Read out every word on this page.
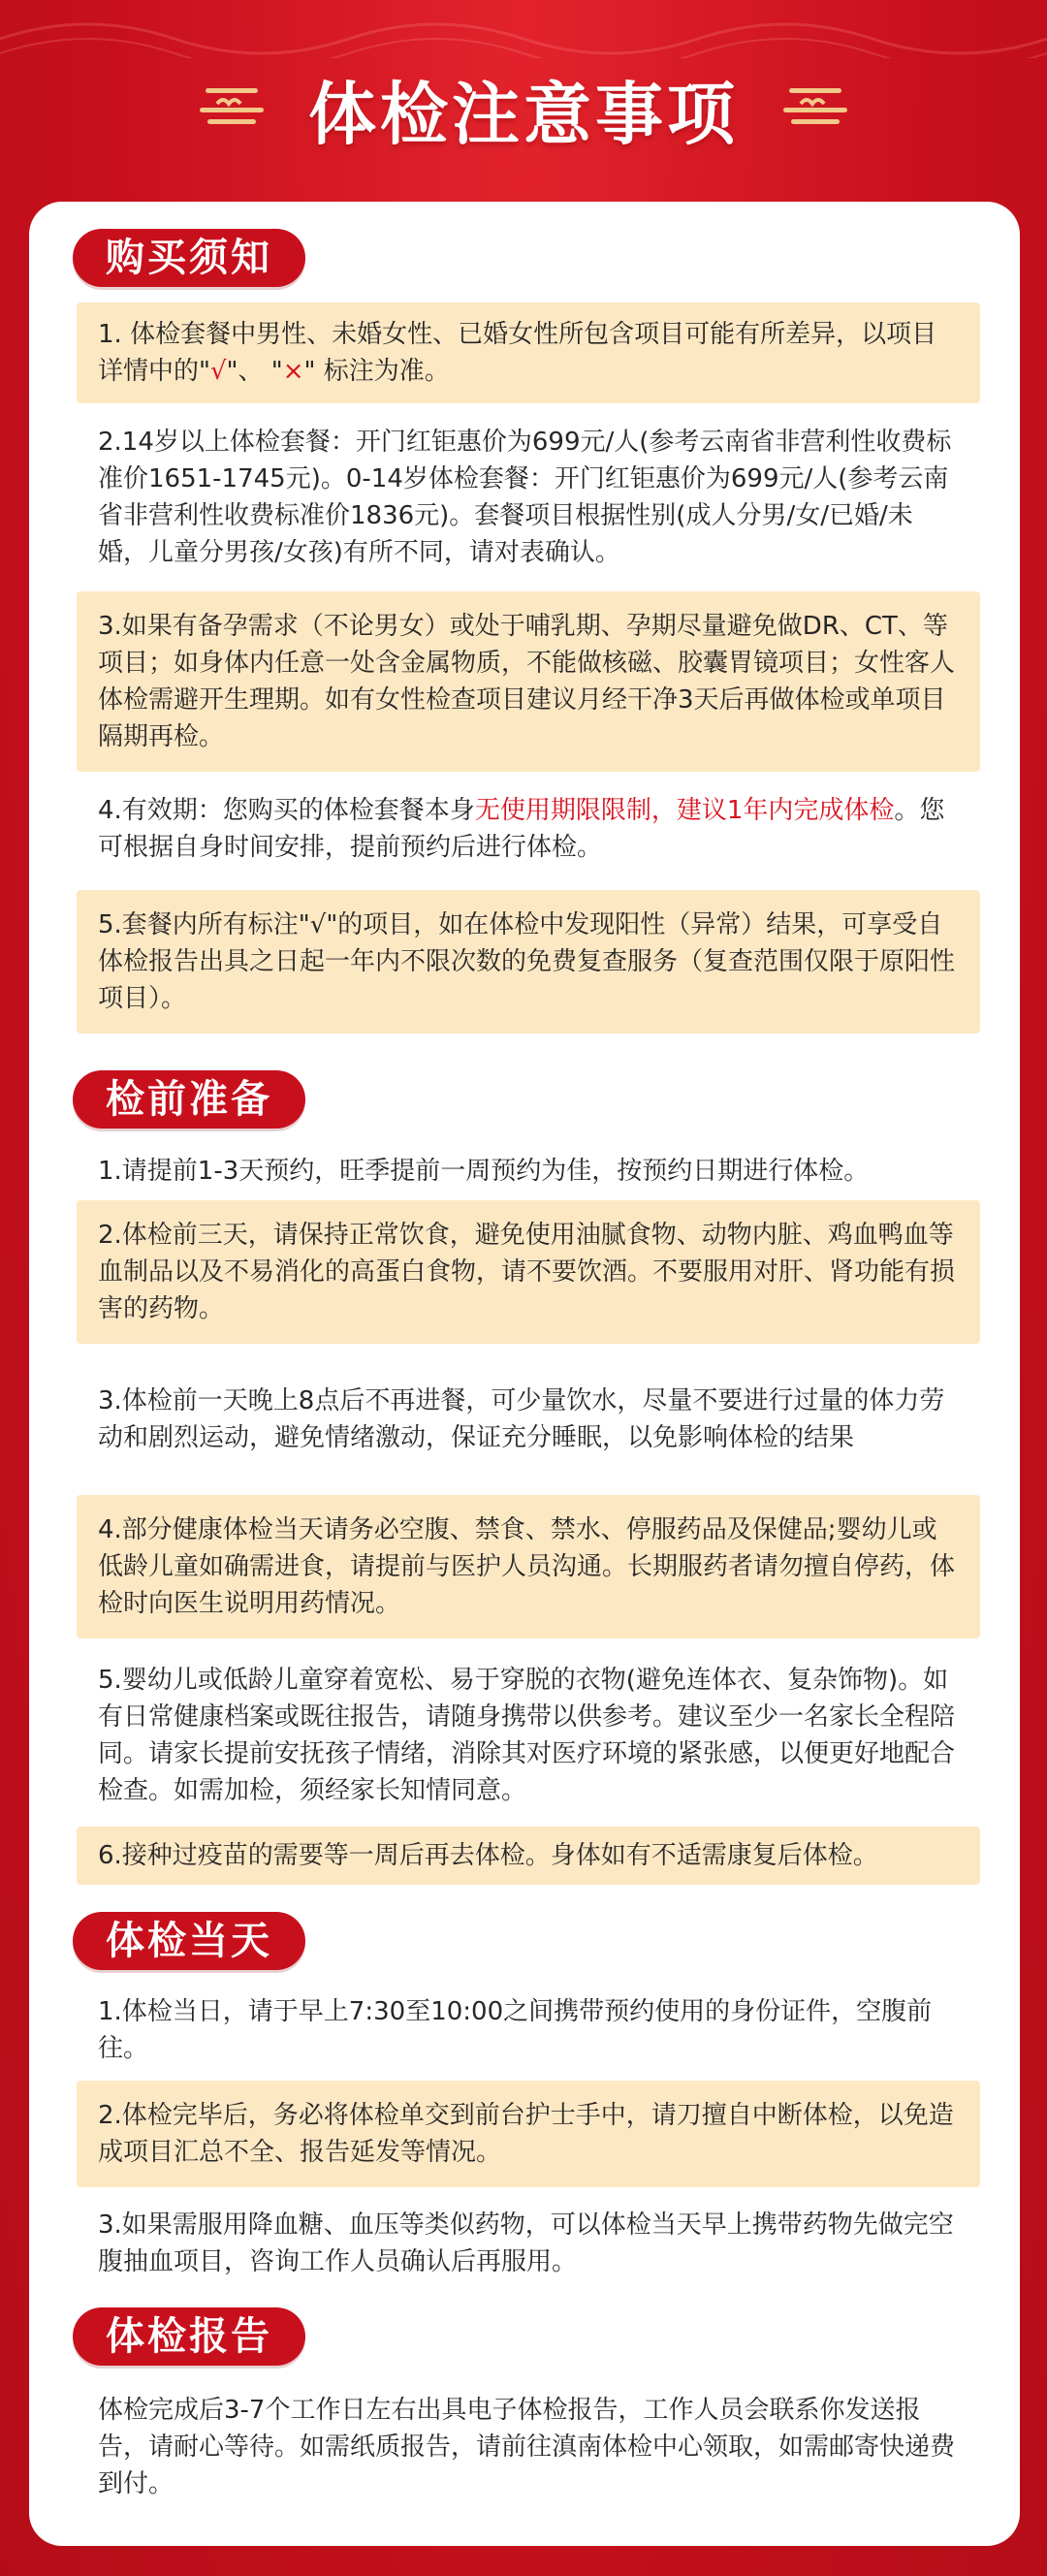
体检注意事项
购买须知
1. 体检套餐中男性、未婚女性、已婚女性所包含项目可能有所差异，以项目详情中的"√"、 "×" 标注为准。
2.14岁以上体检套餐：开门红钜惠价为699元/人(参考云南省非营利性收费标准价1651-1745元)。0-14岁体检套餐：开门红钜惠价为699元/人(参考云南省非营利性收费标准价1836元)。套餐项目根据性别(成人分男/女/已婚/未婚，儿童分男孩/女孩)有所不同，请对表确认。
3.如果有备孕需求（不论男女）或处于哺乳期、孕期尽量避免做DR、CT、等项目；如身体内任意一处含金属物质，不能做核磁、胶囊胃镜项目；女性客人体检需避开生理期。如有女性检查项目建议月经干净3天后再做体检或单项目隔期再检。
4.有效期：您购买的体检套餐本身无使用期限限制，建议1年内完成体检。您可根据自身时间安排，提前预约后进行体检。
5.套餐内所有标注"√"的项目，如在体检中发现阳性（异常）结果，可享受自体检报告出具之日起一年内不限次数的免费复查服务（复查范围仅限于原阳性项目）。
检前准备
1.请提前1-3天预约，旺季提前一周预约为佳，按预约日期进行体检。
2.体检前三天，请保持正常饮食，避免使用油腻食物、动物内脏、鸡血鸭血等血制品以及不易消化的高蛋白食物，请不要饮酒。不要服用对肝、肾功能有损害的药物。
3.体检前一天晚上8点后不再进餐，可少量饮水，尽量不要进行过量的体力劳动和剧烈运动，避免情绪激动，保证充分睡眠，以免影响体检的结果
4.部分健康体检当天请务必空腹、禁食、禁水、停服药品及保健品;婴幼儿或低龄儿童如确需进食，请提前与医护人员沟通。长期服药者请勿擅自停药，体检时向医生说明用药情况。
5.婴幼儿或低龄儿童穿着宽松、易于穿脱的衣物(避免连体衣、复杂饰物)。如有日常健康档案或既往报告，请随身携带以供参考。建议至少一名家长全程陪同。请家长提前安抚孩子情绪，消除其对医疗环境的紧张感，以便更好地配合检查。如需加检，须经家长知情同意。
6.接种过疫苗的需要等一周后再去体检。身体如有不适需康复后体检。
体检当天
1.体检当日，请于早上7:30至10:00之间携带预约使用的身份证件，空腹前往。
2.体检完毕后，务必将体检单交到前台护士手中，请刀擅自中断体检，以免造成项目汇总不全、报告延发等情况。
3.如果需服用降血糖、血压等类似药物，可以体检当天早上携带药物先做完空腹抽血项目，咨询工作人员确认后再服用。
体检报告
体检完成后3-7个工作日左右出具电子体检报告，工作人员会联系你发送报告，请耐心等待。如需纸质报告，请前往滇南体检中心领取，如需邮寄快递费到付。
